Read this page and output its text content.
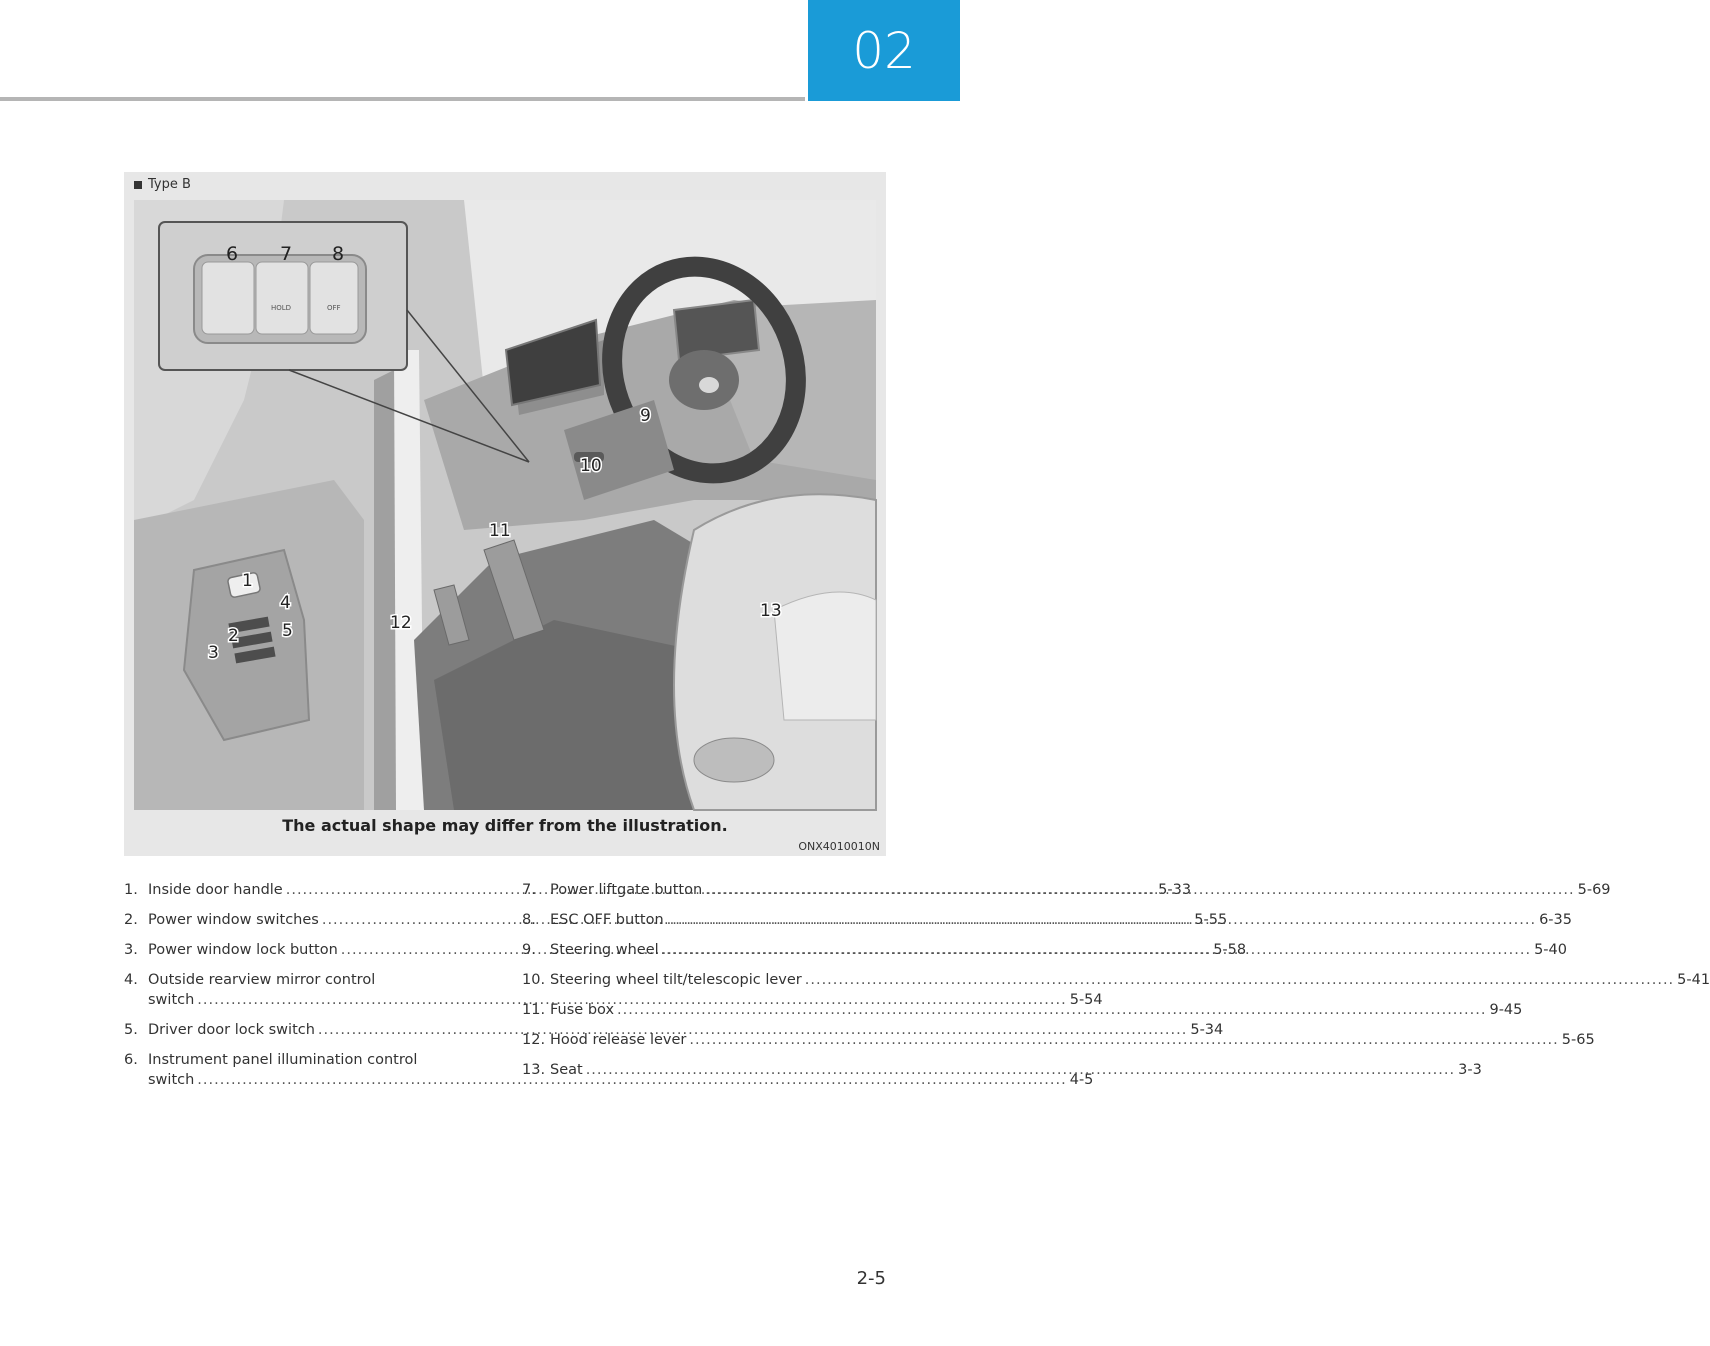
02
Type B
6 7 8
HOLD	OFF
1
2
3
4
5
9
10
11
12
13
The actual shape may differ from the illustration.
ONX4010010N
1. Inside door handle .....	5-33
2. Power window switches .....	5-55
3. Power window lock button .....	5-58
4. Outside rearview mirror control
switch .....	5-54
5. Driver door lock switch .....	5-34
6. Instrument panel illumination control
switch .....	4-5
7. Power liftgate button .....	5-69
8. ESC OFF button .....	6-35
9. Steering wheel .....	5-40
10. Steering wheel tilt/telescopic lever .....	5-41
11. Fuse box .....	9-45
12. Hood release lever .....	5-65
13. Seat .....	3-3
2-5
